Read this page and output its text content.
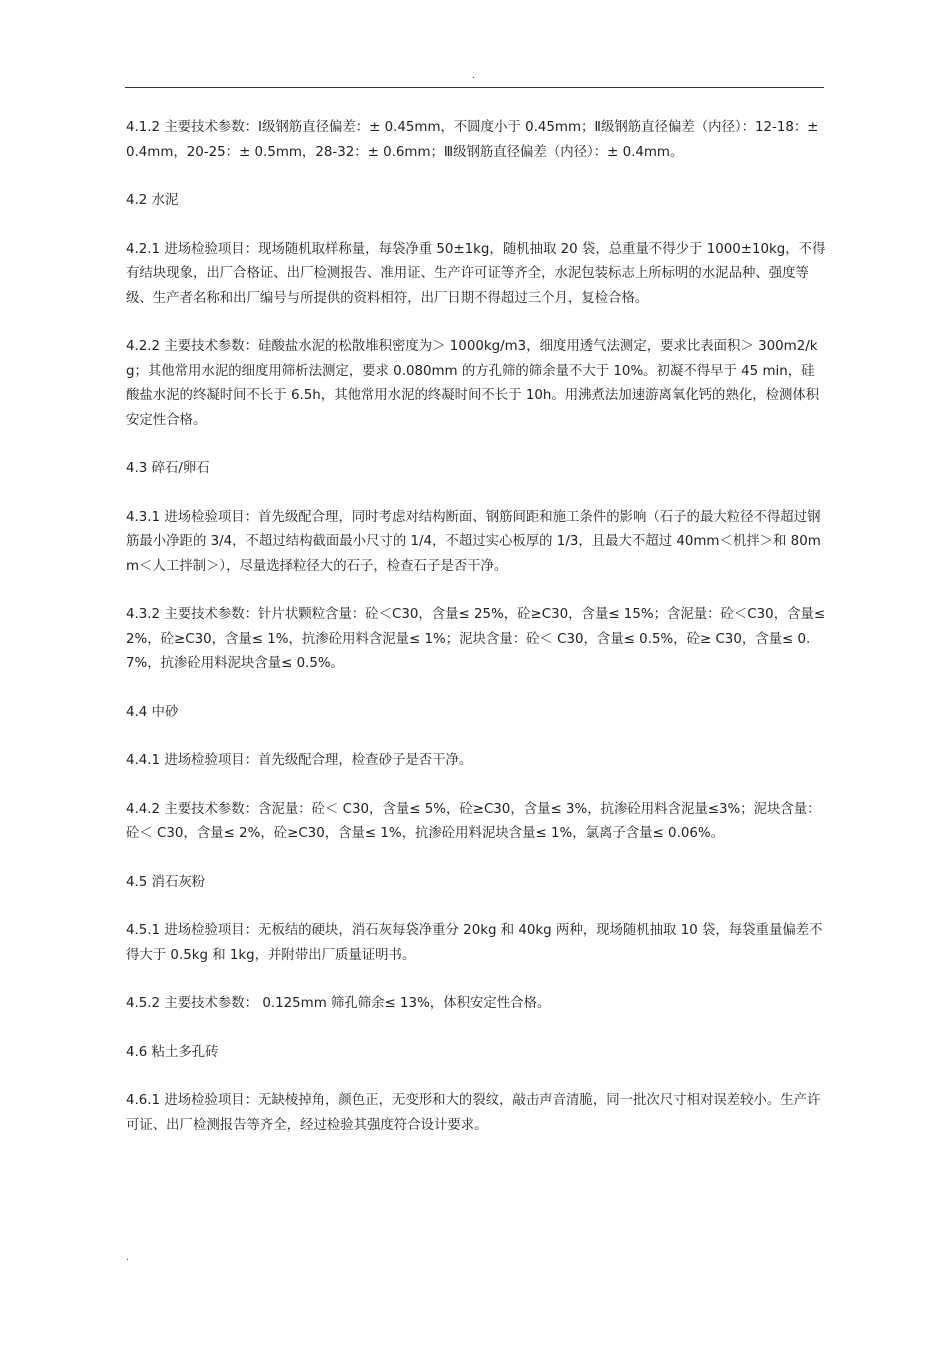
.

4.1.2 主要技术参数：Ⅰ级钢筋直径偏差：± 0.45mm，不圆度小于 0.45mm；Ⅱ级钢筋直径偏差（内径）：12-18：± 0.4mm，20-25：± 0.5mm，28-32：± 0.6mm；Ⅲ级钢筋直径偏差（内径）：± 0.4mm。

4.2 水泥

4.2.1 进场检验项目：现场随机取样称量，每袋净重 50±1kg，随机抽取 20 袋，总重量不得少于 1000±10kg，不得有结块现象，出厂合格证、出厂检测报告、准用证、生产许可证等齐全，水泥包装标志上所标明的水泥品种、强度等级、生产者名称和出厂编号与所提供的资料相符，出厂日期不得超过三个月，复检合格。

4.2.2 主要技术参数：硅酸盐水泥的松散堆积密度为＞ 1000kg/m3，细度用透气法测定，要求比表面积＞ 300m2/kg；其他常用水泥的细度用筛析法测定，要求 0.080mm 的方孔筛的筛余量不大于 10%。初凝不得早于 45 min，硅酸盐水泥的终凝时间不长于 6.5h，其他常用水泥的终凝时间不长于 10h。用沸煮法加速游离氧化钙的熟化，检测体积安定性合格。

4.3 碎石/卵石

4.3.1 进场检验项目：首先级配合理，同时考虑对结构断面、钢筋间距和施工条件的影响（石子的最大粒径不得超过钢筋最小净距的 3/4，不超过结构截面最小尺寸的 1/4，不超过实心板厚的 1/3，且最大不超过 40mm＜机拌＞和 80mm＜人工拌制＞），尽量选择粒径大的石子，检查石子是否干净。

4.3.2 主要技术参数：针片状颗粒含量：砼＜C30，含量≤ 25%，砼≥C30，含量≤ 15%；含泥量：砼＜C30，含量≤ 2%，砼≥C30，含量≤ 1%，抗渗砼用料含泥量≤ 1%；泥块含量：砼＜ C30，含量≤ 0.5%，砼≥ C30，含量≤ 0.7%，抗渗砼用料泥块含量≤ 0.5%。

4.4 中砂

4.4.1 进场检验项目：首先级配合理，检查砂子是否干净。

4.4.2 主要技术参数：含泥量：砼＜ C30，含量≤ 5%，砼≥C30，含量≤ 3%，抗渗砼用料含泥量≤3%；泥块含量：砼＜ C30，含量≤ 2%，砼≥C30，含量≤ 1%，抗渗砼用料泥块含量≤ 1%，氯离子含量≤ 0.06%。

4.5 消石灰粉

4.5.1 进场检验项目：无板结的硬块，消石灰每袋净重分 20kg 和 40kg 两种，现场随机抽取 10 袋，每袋重量偏差不得大于 0.5kg 和 1kg，并附带出厂质量证明书。

4.5.2 主要技术参数： 0.125mm 筛孔筛余≤ 13%，体积安定性合格。

4.6 粘土多孔砖

4.6.1 进场检验项目：无缺棱掉角，颜色正，无变形和大的裂纹，敲击声音清脆，同一批次尺寸相对误差较小。生产许可证、出厂检测报告等齐全，经过检验其强度符合设计要求。

.
